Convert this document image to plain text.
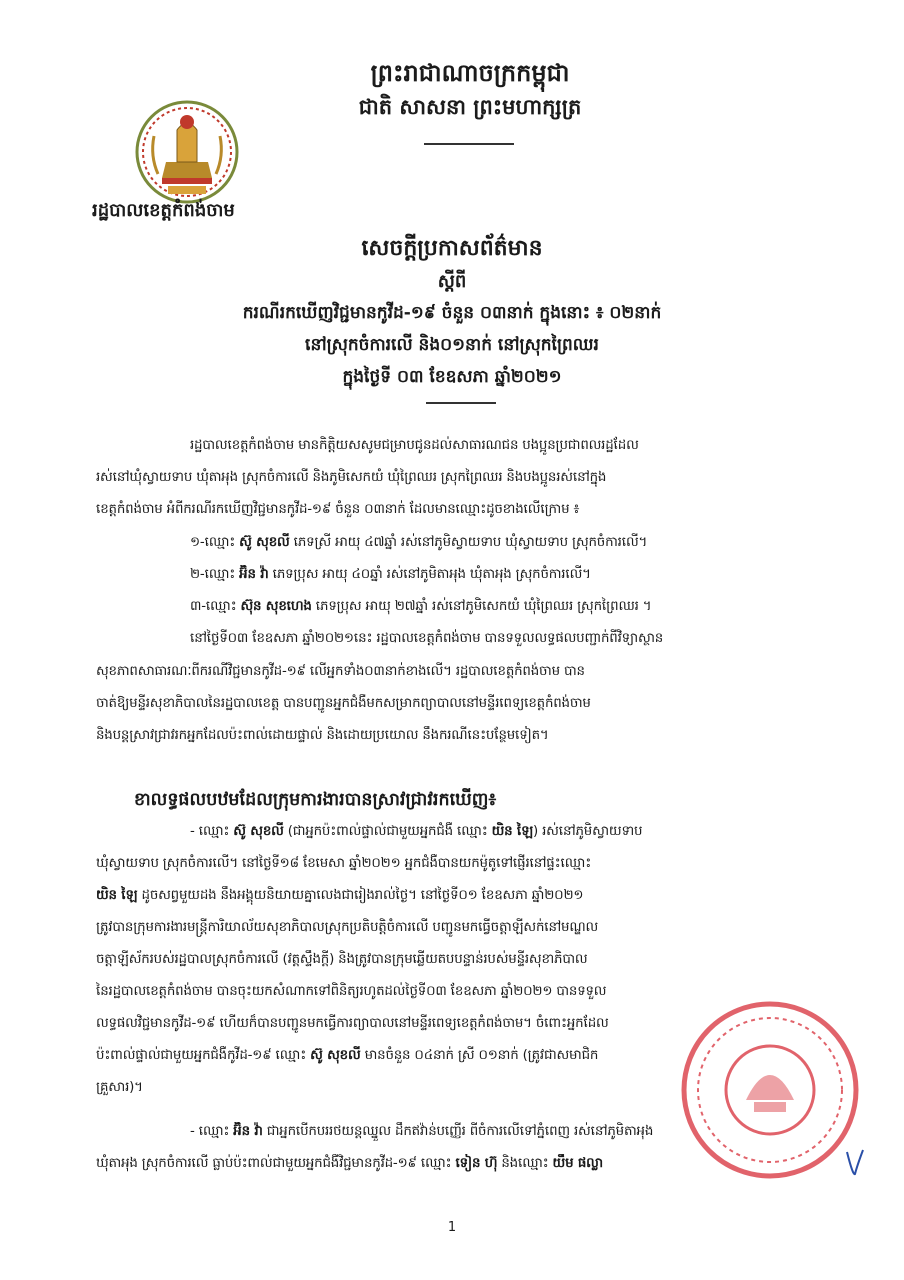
ព្រះរាជាណាចក្រកម្ពុជា
ជាតិ សាសនា ព្រះមហាក្សត្រ
រដ្ឋបាលខេត្តកំពង់ចាម
សេចក្តីប្រកាសព័ត៌មាន
ស្តីពី
ករណីរកឃើញវិជ្ជមានកូវីដ-១៩ ចំនួន ០៣នាក់ ក្នុងនោះ ៖ ០២នាក់
នៅស្រុកចំការលើ និង០១នាក់ នៅស្រុកព្រៃឈរ
ក្នុងថ្ងៃទី ០៣ ខែឧសភា ឆ្នាំ២០២១
រដ្ឋបាលខេត្តកំពង់ចាម មានកិត្តិយសសូមជម្រាបជូនដល់សាធារណជន បងប្អូនប្រជាពលរដ្ឋដែល
រស់នៅឃុំស្វាយទាប ឃុំតាអុង ស្រុកចំការលើ និងភូមិសេកយំ ឃុំព្រៃឈរ ស្រុកព្រៃឈរ និងបងប្អូនរស់នៅក្នុង
ខេត្តកំពង់ចាម អំពីករណីរកឃើញវិជ្ជមានកូវីដ-១៩ ចំនួន ០៣នាក់ ដែលមានឈ្មោះដូចខាងលើក្រោម ៖
១-ឈ្មោះ ស៊ូ សុខលី ភេទស្រី អាយុ ៤៧ឆ្នាំ រស់នៅភូមិស្វាយទាប ឃុំស្វាយទាប ស្រុកចំការលើ។
២-ឈ្មោះ អ៊ិន វ៉ា ភេទប្រុស អាយុ ៤០ឆ្នាំ រស់នៅភូមិតាអុង ឃុំតាអុង ស្រុកចំការលើ។
៣-ឈ្មោះ ស៊ុន សុខហេង ភេទប្រុស អាយុ ២៧ឆ្នាំ រស់នៅភូមិសេកយំ ឃុំព្រៃឈរ ស្រុកព្រៃឈរ ។
នៅថ្ងៃទី០៣ ខែឧសភា ឆ្នាំ២០២១នេះ រដ្ឋបាលខេត្តកំពង់ចាម បានទទួលលទ្ធផលបញ្ជាក់ពីវិទ្យាស្ថាន
សុខភាពសាធារណៈពីករណីវិជ្ជមានកូវីដ-១៩ លើអ្នកទាំង០៣នាក់ខាងលើ។ រដ្ឋបាលខេត្តកំពង់ចាម បាន
ចាត់ឱ្យមន្ទីរសុខាភិបាលនៃរដ្ឋបាលខេត្ត បានបញ្ជូនអ្នកជំងឺមកសម្រាកព្យាបាលនៅមន្ទីរពេទ្យខេត្តកំពង់ចាម
និងបន្តស្រាវជ្រាវរកអ្នកដែលប៉ះពាល់ដោយផ្ទាល់ និងដោយប្រយោល នឹងករណីនេះបន្ថែមទៀត។
ខាលទ្ធផលបឋមដែលក្រុមការងារបានស្រាវជ្រាវរកឃើញ៖
- ឈ្មោះ ស៊ូ សុខលី (ជាអ្នកប៉ះពាល់ផ្ទាល់ជាមួយអ្នកជំងឺ ឈ្មោះ យិន ឡៃ) រស់នៅភូមិស្វាយទាប
ឃុំស្វាយទាប ស្រុកចំការលើ។ នៅថ្ងៃទី១៨ ខែមេសា ឆ្នាំ២០២១ អ្នកជំងឺបានយកម៉ូតូទៅផ្ញើរនៅផ្ទះឈ្មោះ
យិន ឡៃ ដូចសព្វមួយដង នឹងអង្គុយនិយាយគ្នាលេងជារៀងរាល់ថ្ងៃ។ នៅថ្ងៃទី០១ ខែឧសភា ឆ្នាំ២០២១
ត្រូវបានក្រុមការងារមន្ត្រីការិយាល័យសុខាភិបាលស្រុកប្រតិបត្តិចំការលើ បញ្ជូនមកធ្វើចត្តាឡីសក់នៅមណ្ឌល
ចត្តាឡីស័ករបស់រដ្ឋបាលស្រុកចំការលើ (វត្តស្ទឹងក្តី) និងត្រូវបានក្រុមឆ្លើយតបបន្ទាន់របស់មន្ទីរសុខាភិបាល
នៃរដ្ឋបាលខេត្តកំពង់ចាម បានចុះយកសំណាកទៅពិនិត្យរហូតដល់ថ្ងៃទី០៣ ខែឧសភា ឆ្នាំ២០២១ បានទទួល
លទ្ធផលវិជ្ជមានកូវីដ-១៩ ហើយក៏បានបញ្ជូនមកធ្វើការព្យាបាលនៅមន្ទីរពេទ្យខេត្តកំពង់ចាម។ ចំពោះអ្នកដែល
ប៉ះពាល់ផ្ទាល់ជាមួយអ្នកជំងឺកូវីដ-១៩ ឈ្មោះ ស៊ូ សុខលី មានចំនួន ០៤នាក់ ស្រី ០១នាក់ (ត្រូវជាសមាជិក
គ្រួសារ)។
- ឈ្មោះ អ៊ិន វ៉ា ជាអ្នកបើកបររថយន្តឈ្នួល ដឹកឥវ៉ាន់បញ្ញើរ ពីចំការលើទៅភ្នំពេញ រស់នៅភូមិតាអុង
ឃុំតាអុង ស្រុកចំការលើ ធ្លាប់ប៉ះពាល់ជាមួយអ្នកជំងឺវិជ្ជមានកូវីដ-១៩ ឈ្មោះ ទៀន ហ៊ុ និងឈ្មោះ យឹម ផល្លា
1
